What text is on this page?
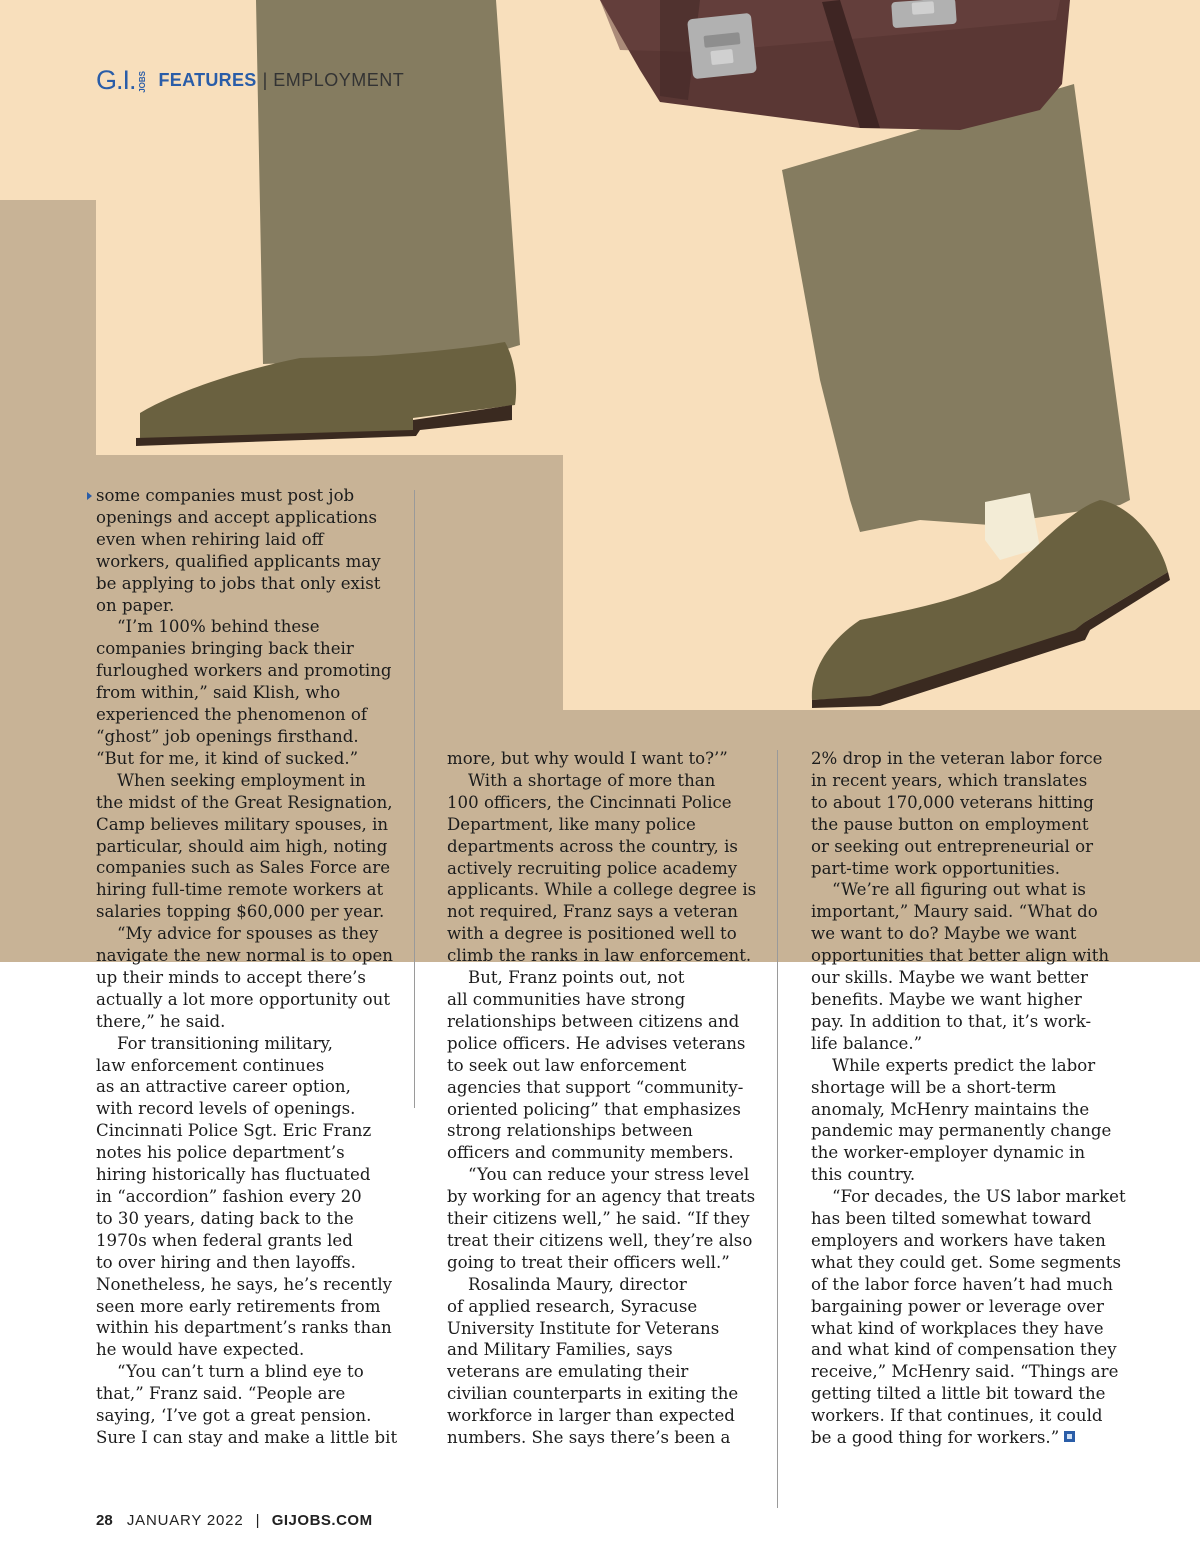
G.I. JOBS FEATURES | EMPLOYMENT

some companies must post job

openings and accept applications

even when rehiring laid off

workers, qualified applicants may

be applying to jobs that only exist

on paper.

“I’m 100% behind these

companies bringing back their

furloughed workers and promoting

from within,” said Klish, who

experienced the phenomenon of

“ghost” job openings firsthand.

“But for me, it kind of sucked.”

When seeking employment in

the midst of the Great Resignation,

Camp believes military spouses, in

particular, should aim high, noting

companies such as Sales Force are

hiring full-time remote workers at

salaries topping $60,000 per year.

“My advice for spouses as they

navigate the new normal is to open

up their minds to accept there’s

actually a lot more opportunity out

there,” he said.

For transitioning military,

law enforcement continues

as an attractive career option,

with record levels of openings.

Cincinnati Police Sgt. Eric Franz

notes his police department’s

hiring historically has fluctuated

in “accordion” fashion every 20

to 30 years, dating back to the

1970s when federal grants led

to over hiring and then layoffs.

Nonetheless, he says, he’s recently

seen more early retirements from

within his department’s ranks than

he would have expected.

“You can’t turn a blind eye to

that,” Franz said. “People are

saying, ‘I’ve got a great pension.

Sure I can stay and make a little bit

more, but why would I want to?’”

With a shortage of more than

100 officers, the Cincinnati Police

Department, like many police

departments across the country, is

actively recruiting police academy

applicants. While a college degree is

not required, Franz says a veteran

with a degree is positioned well to

climb the ranks in law enforcement.

But, Franz points out, not

all communities have strong

relationships between citizens and

police officers. He advises veterans

to seek out law enforcement

agencies that support “community-

oriented policing” that emphasizes

strong relationships between

officers and community members.

“You can reduce your stress level

by working for an agency that treats

their citizens well,” he said. “If they

treat their citizens well, they’re also

going to treat their officers well.”

Rosalinda Maury, director

of applied research, Syracuse

University Institute for Veterans

and Military Families, says

veterans are emulating their

civilian counterparts in exiting the

workforce in larger than expected

numbers. She says there’s been a

2% drop in the veteran labor force

in recent years, which translates

to about 170,000 veterans hitting

the pause button on employment

or seeking out entrepreneurial or

part-time work opportunities.

“We’re all figuring out what is

important,” Maury said. “What do

we want to do? Maybe we want

opportunities that better align with

our skills. Maybe we want better

benefits. Maybe we want higher

pay. In addition to that, it’s work-

life balance.”

While experts predict the labor

shortage will be a short-term

anomaly, McHenry maintains the

pandemic may permanently change

the worker-employer dynamic in

this country.

“For decades, the US labor market

has been tilted somewhat toward

employers and workers have taken

what they could get. Some segments

of the labor force haven’t had much

bargaining power or leverage over

what kind of workplaces they have

and what kind of compensation they

receive,” McHenry said. “Things are

getting tilted a little bit toward the

workers. If that continues, it could

be a good thing for workers.”

28 JANUARY 2022 | GIJOBS.COM
